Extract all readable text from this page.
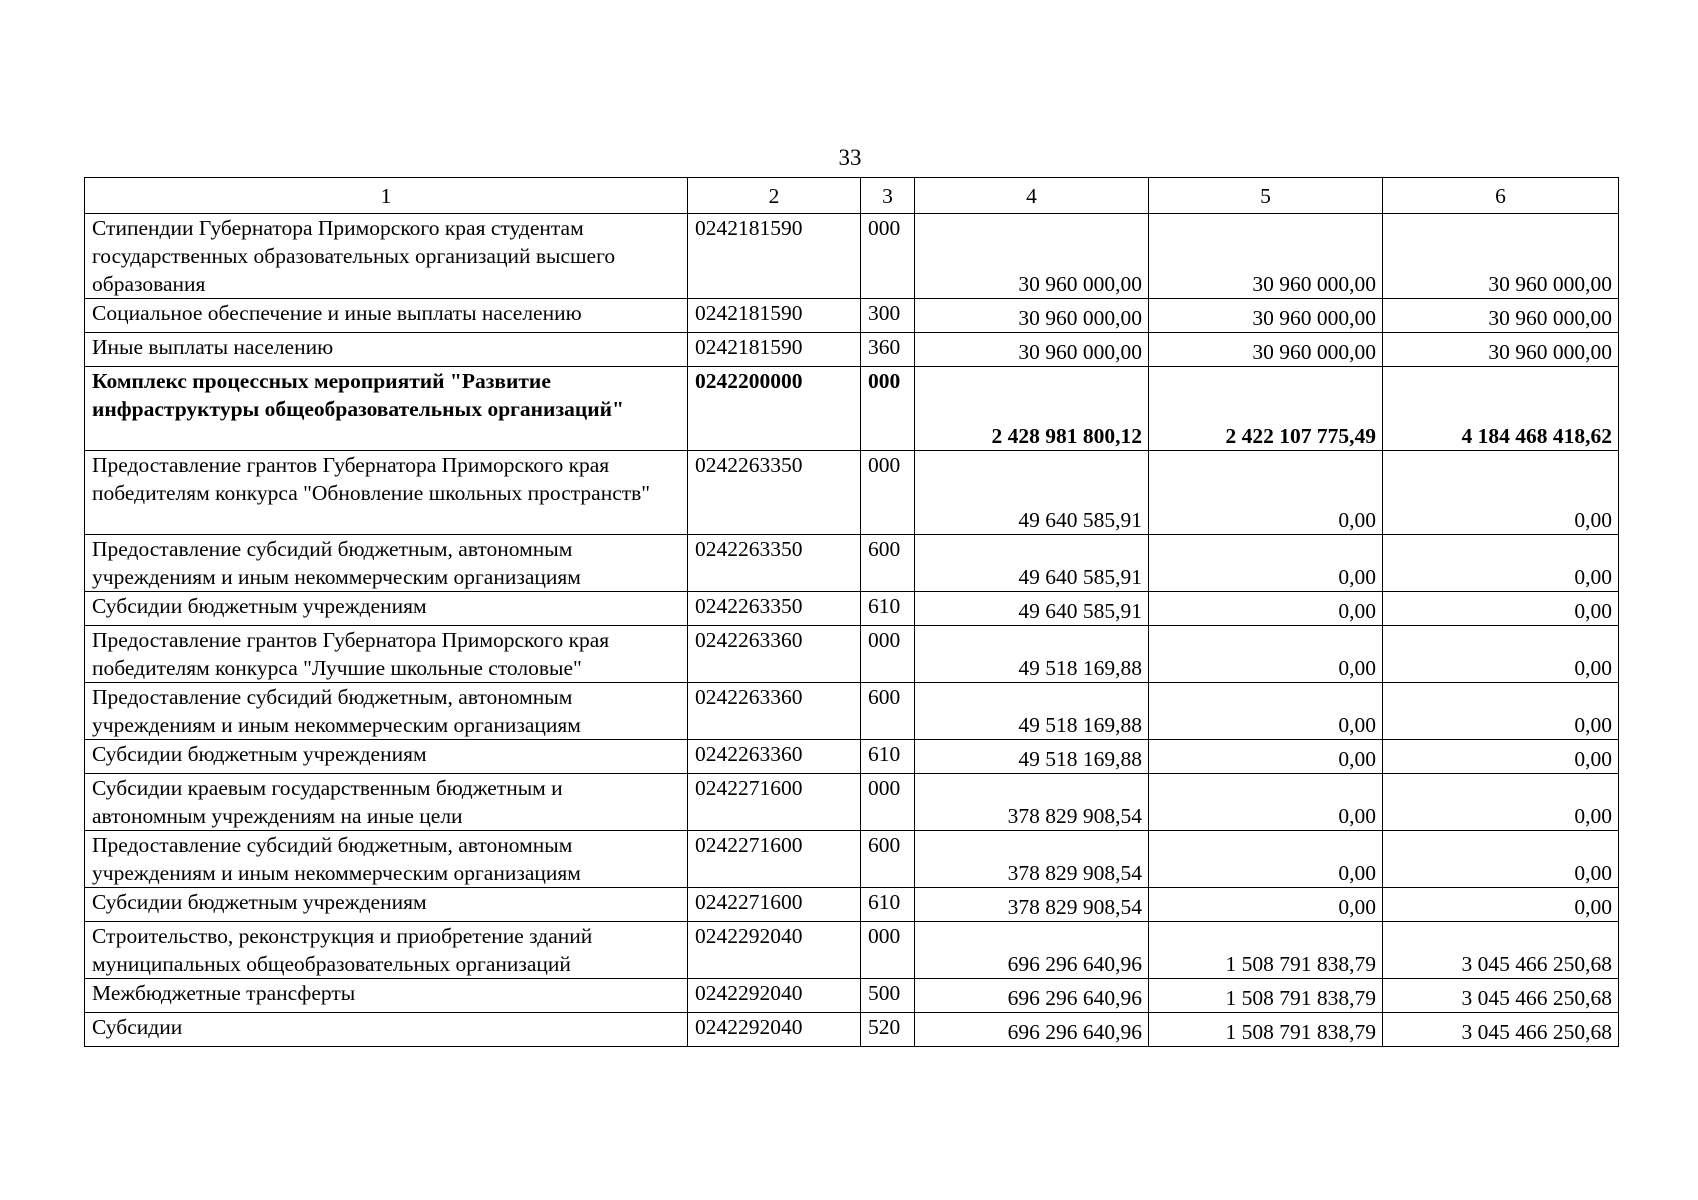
33
1	2	3	4	5	6
Стипендии Губернатора Приморского края студентам государственных образовательных организаций высшего образования	0242181590	000	30 960 000,00	30 960 000,00	30 960 000,00
Социальное обеспечение и иные выплаты населению	0242181590	300	30 960 000,00	30 960 000,00	30 960 000,00
Иные выплаты населению	0242181590	360	30 960 000,00	30 960 000,00	30 960 000,00
Комплекс процессных мероприятий "Развитие инфраструктуры общеобразовательных организаций"	0242200000	000	2 428 981 800,12	2 422 107 775,49	4 184 468 418,62
Предоставление грантов Губернатора Приморского края победителям конкурса "Обновление школьных пространств"	0242263350	000	49 640 585,91	0,00	0,00
Предоставление субсидий бюджетным, автономным учреждениям и иным некоммерческим организациям	0242263350	600	49 640 585,91	0,00	0,00
Субсидии бюджетным учреждениям	0242263350	610	49 640 585,91	0,00	0,00
Предоставление грантов Губернатора Приморского края победителям конкурса "Лучшие школьные столовые"	0242263360	000	49 518 169,88	0,00	0,00
Предоставление субсидий бюджетным, автономным учреждениям и иным некоммерческим организациям	0242263360	600	49 518 169,88	0,00	0,00
Субсидии бюджетным учреждениям	0242263360	610	49 518 169,88	0,00	0,00
Субсидии краевым государственным бюджетным и автономным учреждениям на иные цели	0242271600	000	378 829 908,54	0,00	0,00
Предоставление субсидий бюджетным, автономным учреждениям и иным некоммерческим организациям	0242271600	600	378 829 908,54	0,00	0,00
Субсидии бюджетным учреждениям	0242271600	610	378 829 908,54	0,00	0,00
Строительство, реконструкция и приобретение зданий муниципальных общеобразовательных организаций	0242292040	000	696 296 640,96	1 508 791 838,79	3 045 466 250,68
Межбюджетные трансферты	0242292040	500	696 296 640,96	1 508 791 838,79	3 045 466 250,68
Субсидии	0242292040	520	696 296 640,96	1 508 791 838,79	3 045 466 250,68
